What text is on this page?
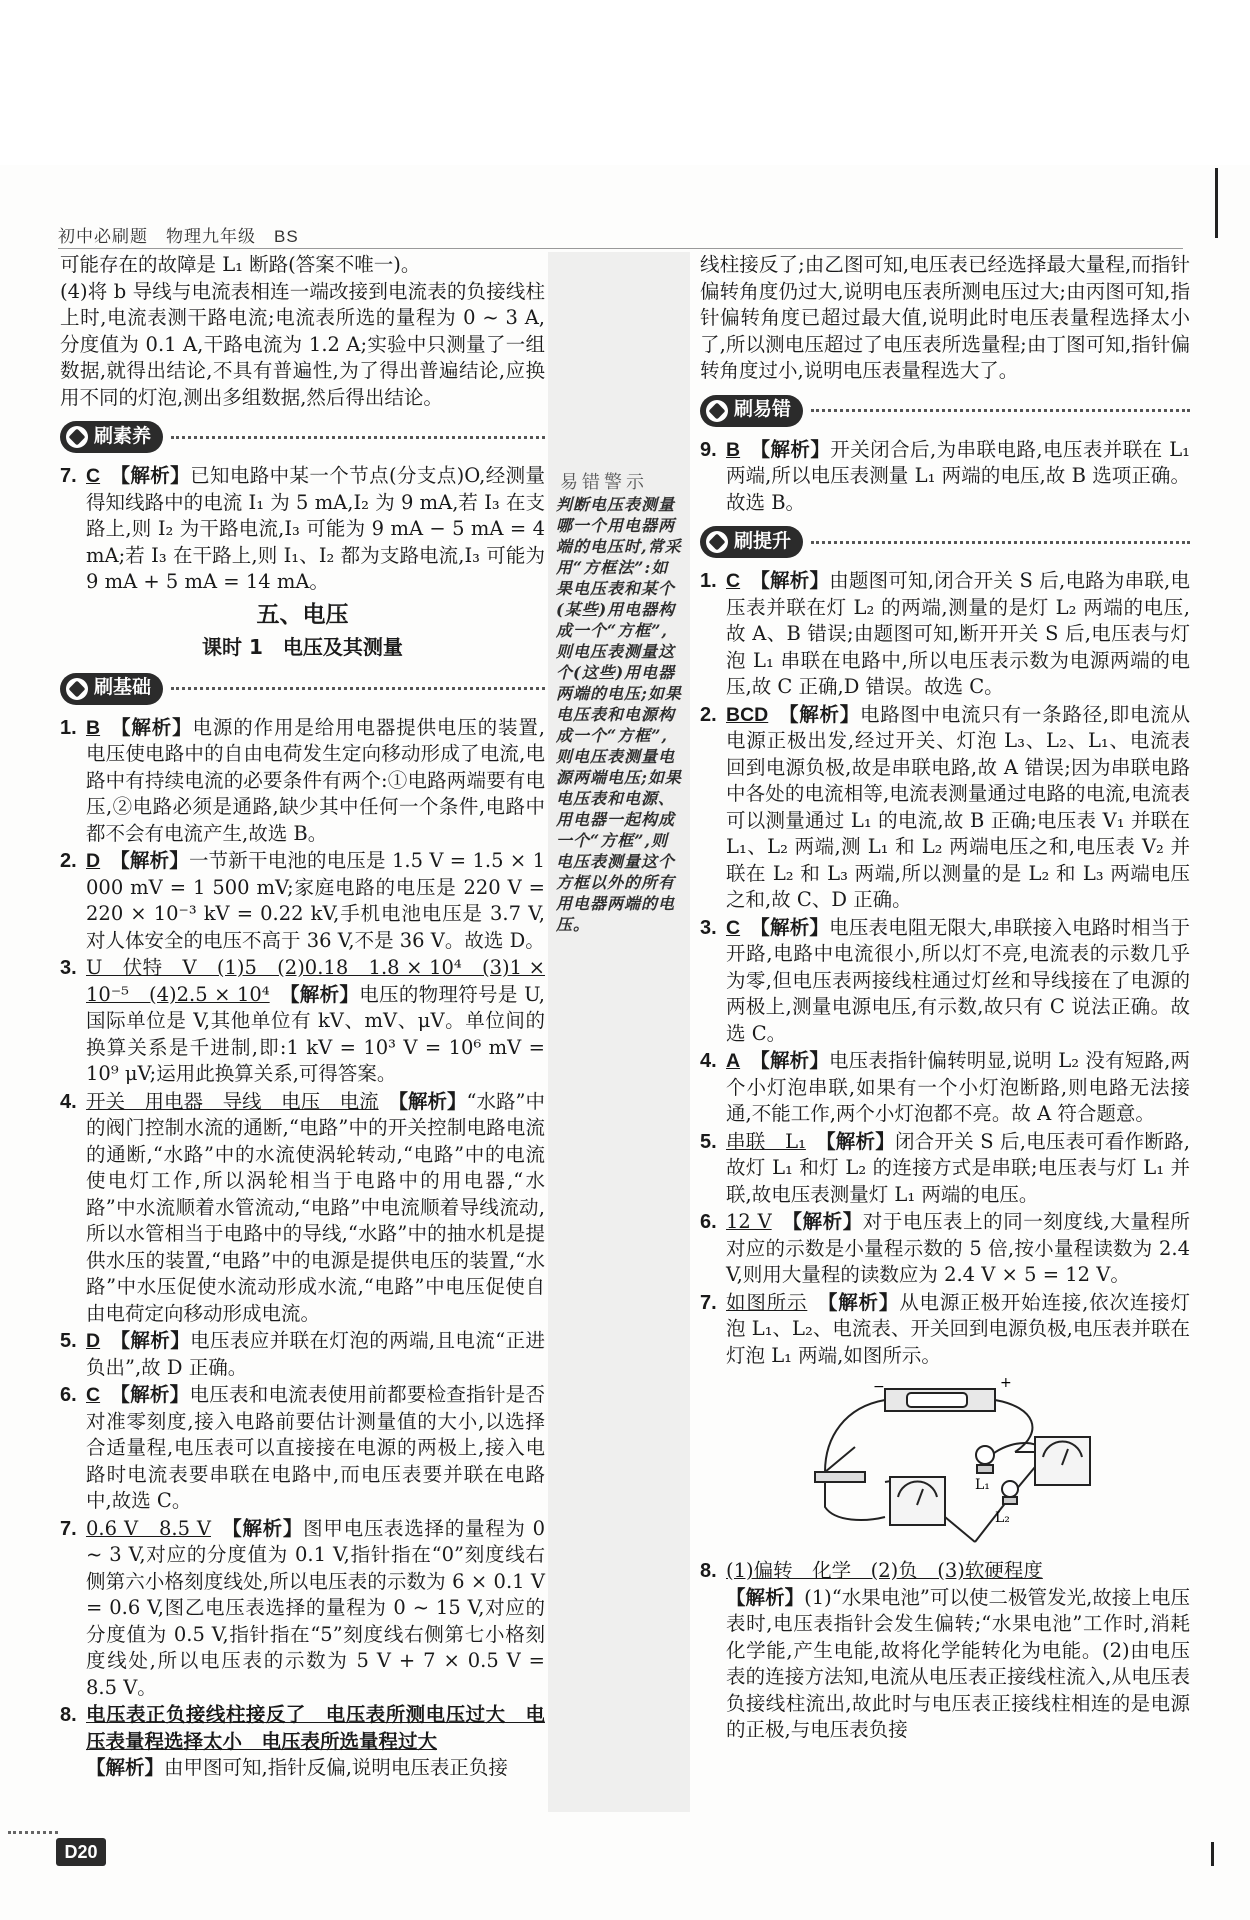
初中必刷题　物理九年级　BS

可能存在的故障是 L₁ 断路(答案不唯一)。

(4)将 b 导线与电流表相连一端改接到电流表的负接线柱上时,电流表测干路电流;电流表所选的量程为 0 ~ 3 A,分度值为 0.1 A,干路电流为 1.2 A;实验中只测量了一组数据,就得出结论,不具有普遍性,为了得出普遍结论,应换用不同的灯泡,测出多组数据,然后得出结论。

刷素养
7. C 【解析】已知电路中某一个节点(分支点)O,经测量得知线路中的电流 I₁ 为 5 mA,I₂ 为 9 mA,若 I₃ 在支路上,则 I₂ 为干路电流,I₃ 可能为 9 mA − 5 mA = 4 mA;若 I₃ 在干路上,则 I₁、I₂ 都为支路电流,I₃ 可能为 9 mA + 5 mA = 14 mA。
五、电压
课时 1　电压及其测量
刷基础
1. B 【解析】电源的作用是给用电器提供电压的装置,电压使电路中的自由电荷发生定向移动形成了电流,电路中有持续电流的必要条件有两个:①电路两端要有电压,②电路必须是通路,缺少其中任何一个条件,电路中都不会有电流产生,故选 B。
2. D 【解析】一节新干电池的电压是 1.5 V = 1.5 × 1 000 mV = 1 500 mV;家庭电路的电压是 220 V = 220 × 10⁻³ kV = 0.22 kV,手机电池电压是 3.7 V,对人体安全的电压不高于 36 V,不是 36 V。故选 D。
3. U　伏特　V　(1)5　(2)0.18　1.8 × 10⁴　(3)1 × 10⁻⁵　(4)2.5 × 10⁴　 【解析】电压的物理符号是 U,国际单位是 V,其他单位有 kV、mV、μV。单位间的换算关系是千进制,即:1 kV = 10³ V = 10⁶ mV = 10⁹ μV;运用此换算关系,可得答案。
4. 开关　用电器　导线　电压　电流　 【解析】“水路”中的阀门控制水流的通断,“电路”中的开关控制电路电流的通断,“水路”中的水流使涡轮转动,“电路”中的电流使电灯工作,所以涡轮相当于电路中的用电器,“水路”中水流顺着水管流动,“电路”中电流顺着导线流动,所以水管相当于电路中的导线,“水路”中的抽水机是提供水压的装置,“电路”中的电源是提供电压的装置,“水路”中水压促使水流动形成水流,“电路”中电压促使自由电荷定向移动形成电流。
5. D 【解析】电压表应并联在灯泡的两端,且电流“正进负出”,故 D 正确。
6. C 【解析】电压表和电流表使用前都要检查指针是否对准零刻度,接入电路前要估计测量值的大小,以选择合适量程,电压表可以直接接在电源的两极上,接入电路时电流表要串联在电路中,而电压表要并联在电路中,故选 C。
7. 0.6 V　8.5 V　 【解析】图甲电压表选择的量程为 0 ~ 3 V,对应的分度值为 0.1 V,指针指在“0”刻度线右侧第六小格刻度线处,所以电压表的示数为 6 × 0.1 V = 0.6 V,图乙电压表选择的量程为 0 ~ 15 V,对应的分度值为 0.5 V,指针指在“5”刻度线右侧第七小格刻度线处,所以电压表的示数为 5 V + 7 × 0.5 V = 8.5 V。
8. 电压表正负接线柱接反了　电压表所测电压过大　电压表量程选择太小　电压表所选量程过大
【解析】由甲图可知,指针反偏,说明电压表正负接
易错警示
判断电压表测量哪一个用电器两端的电压时,常采用“方框法”:如果电压表和某个(某些)用电器构成一个“方框”,则电压表测量这个(这些)用电器两端的电压;如果电压表和电源构成一个“方框”,则电压表测量电源两端电压;如果电压表和电源、用电器一起构成一个“方框”,则电压表测量这个方框以外的所有用电器两端的电压。

线柱接反了;由乙图可知,电压表已经选择最大量程,而指针偏转角度仍过大,说明电压表所测电压过大;由丙图可知,指针偏转角度已超过最大值,说明此时电压表量程选择太小了,所以测电压超过了电压表所选量程;由丁图可知,指针偏转角度过小,说明电压表量程选大了。

刷易错
9. B 【解析】开关闭合后,为串联电路,电压表并联在 L₁ 两端,所以电压表测量 L₁ 两端的电压,故 B 选项正确。故选 B。
刷提升
1. C 【解析】由题图可知,闭合开关 S 后,电路为串联,电压表并联在灯 L₂ 的两端,测量的是灯 L₂ 两端的电压,故 A、B 错误;由题图可知,断开开关 S 后,电压表与灯泡 L₁ 串联在电路中,所以电压表示数为电源两端的电压,故 C 正确,D 错误。故选 C。
2. BCD 【解析】电路图中电流只有一条路径,即电流从电源正极出发,经过开关、灯泡 L₃、L₂、L₁、电流表回到电源负极,故是串联电路,故 A 错误;因为串联电路中各处的电流相等,电流表测量通过电路的电流,电流表可以测量通过 L₁ 的电流,故 B 正确;电压表 V₁ 并联在 L₁、L₂ 两端,测 L₁ 和 L₂ 两端电压之和,电压表 V₂ 并联在 L₂ 和 L₃ 两端,所以测量的是 L₂ 和 L₃ 两端电压之和,故 C、D 正确。
3. C 【解析】电压表电阻无限大,串联接入电路时相当于开路,电路中电流很小,所以灯不亮,电流表的示数几乎为零,但电压表两接线柱通过灯丝和导线接在了电源的两极上,测量电源电压,有示数,故只有 C 说法正确。故选 C。
4. A 【解析】电压表指针偏转明显,说明 L₂ 没有短路,两个小灯泡串联,如果有一个小灯泡断路,则电路无法接通,不能工作,两个小灯泡都不亮。故 A 符合题意。
5. 串联　L₁　 【解析】闭合开关 S 后,电压表可看作断路,故灯 L₁ 和灯 L₂ 的连接方式是串联;电压表与灯 L₁ 并联,故电压表测量灯 L₁ 两端的电压。
6. 12 V　 【解析】对于电压表上的同一刻度线,大量程所对应的示数是小量程示数的 5 倍,按小量程读数为 2.4 V,则用大量程的读数应为 2.4 V × 5 = 12 V。
7. 如图所示　 【解析】从电源正极开始连接,依次连接灯泡 L₁、L₂、电流表、开关回到电源负极,电压表并联在灯泡 L₁ 两端,如图所示。
+
−
L₁
L₂
8. (1)偏转　化学　(2)负　(3)软硬程度
【解析】(1)“水果电池”可以使二极管发光,故接上电压表时,电压表指针会发生偏转;“水果电池”工作时,消耗化学能,产生电能,故将化学能转化为电能。(2)由电压表的连接方法知,电流从电压表正接线柱流入,从电压表负接线柱流出,故此时与电压表正接线柱相连的是电源的正极,与电压表负接
D20
